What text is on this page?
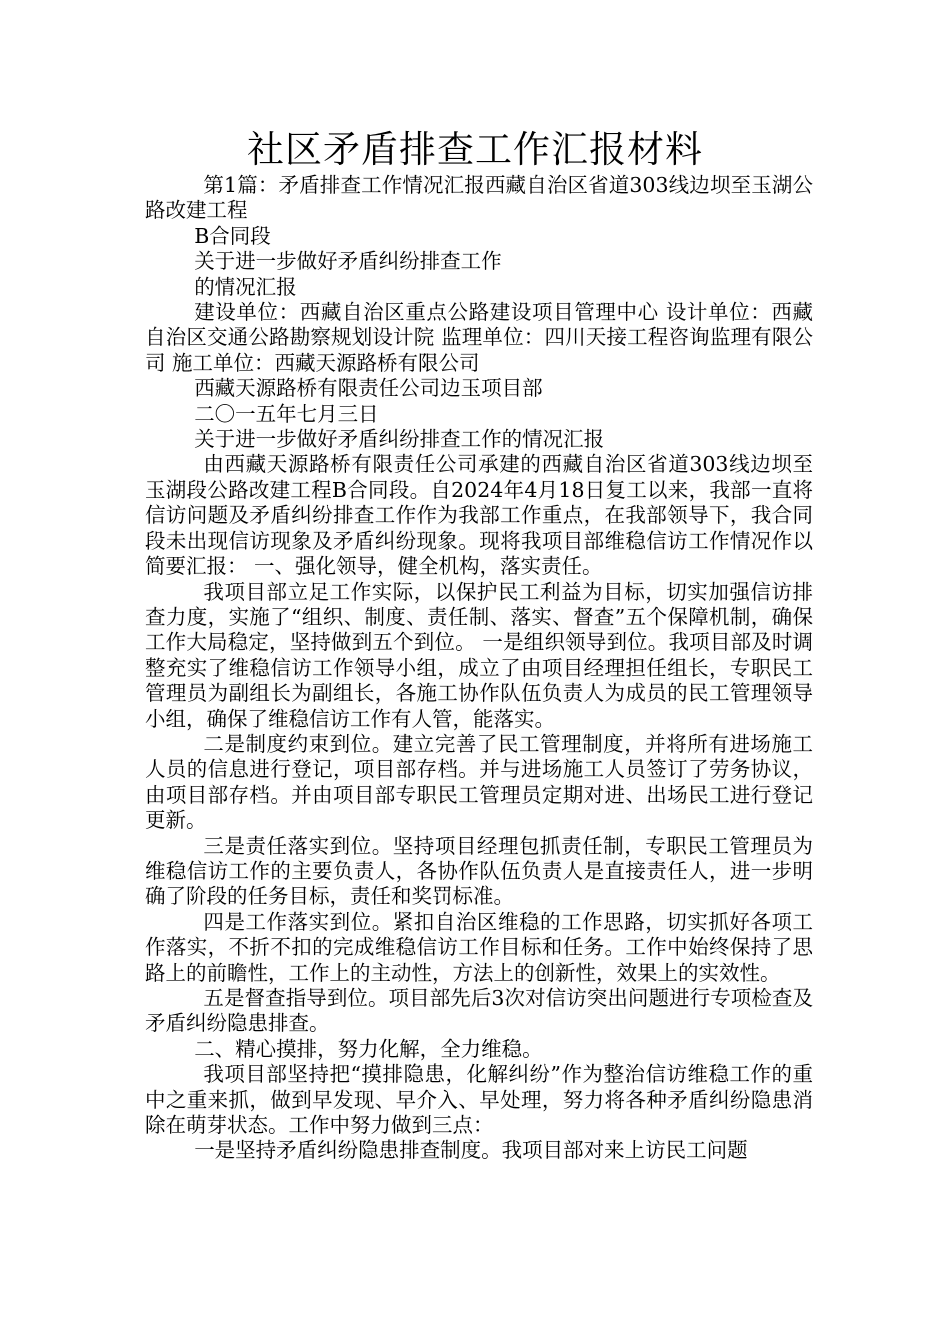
社区矛盾排查工作汇报材料

第1篇：矛盾排查工作情况汇报西藏自治区省道303线边坝至玉湖公路改建工程

B合同段

关于进一步做好矛盾纠纷排查工作

的情况汇报

建设单位：西藏自治区重点公路建设项目管理中心 设计单位：西藏自治区交通公路勘察规划设计院 监理单位：四川天接工程咨询监理有限公司 施工单位：西藏天源路桥有限公司

西藏天源路桥有限责任公司边玉项目部

二〇一五年七月三日

关于进一步做好矛盾纠纷排查工作的情况汇报

由西藏天源路桥有限责任公司承建的西藏自治区省道303线边坝至玉湖段公路改建工程B合同段。自2024年4月18日复工以来，我部一直将信访问题及矛盾纠纷排查工作作为我部工作重点，在我部领导下，我合同段未出现信访现象及矛盾纠纷现象。现将我项目部维稳信访工作情况作以简要汇报： 一、强化领导，健全机构，落实责任。

我项目部立足工作实际，以保护民工利益为目标，切实加强信访排查力度，实施了“组织、制度、责任制、落实、督查”五个保障机制，确保工作大局稳定，坚持做到五个到位。 一是组织领导到位。我项目部及时调整充实了维稳信访工作领导小组，成立了由项目经理担任组长，专职民工管理员为副组长为副组长，各施工协作队伍负责人为成员的民工管理领导小组，确保了维稳信访工作有人管，能落实。

二是制度约束到位。建立完善了民工管理制度，并将所有进场施工人员的信息进行登记，项目部存档。并与进场施工人员签订了劳务协议，由项目部存档。并由项目部专职民工管理员定期对进、出场民工进行登记更新。

三是责任落实到位。坚持项目经理包抓责任制，专职民工管理员为维稳信访工作的主要负责人，各协作队伍负责人是直接责任人，进一步明确了阶段的任务目标，责任和奖罚标准。

四是工作落实到位。紧扣自治区维稳的工作思路，切实抓好各项工作落实，不折不扣的完成维稳信访工作目标和任务。工作中始终保持了思路上的前瞻性，工作上的主动性，方法上的创新性，效果上的实效性。

五是督查指导到位。项目部先后3次对信访突出问题进行专项检查及矛盾纠纷隐患排查。

二、精心摸排，努力化解，全力维稳。

我项目部坚持把“摸排隐患，化解纠纷”作为整治信访维稳工作的重中之重来抓，做到早发现、早介入、早处理，努力将各种矛盾纠纷隐患消除在萌芽状态。工作中努力做到三点：

一是坚持矛盾纠纷隐患排查制度。我项目部对来上访民工问题
